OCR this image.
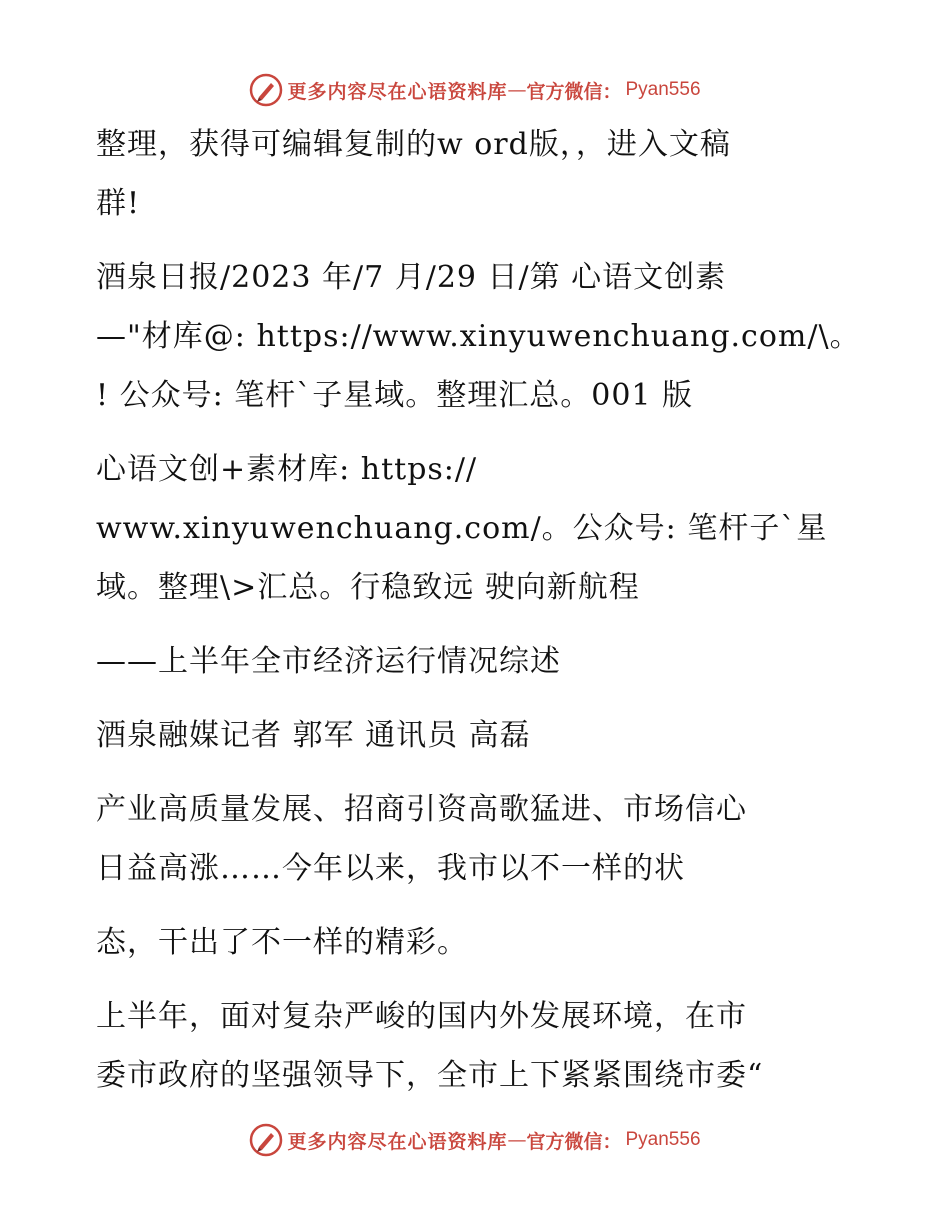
更多内容尽在心语资料库 — 官方微信： Pyan556
整理，获得可编辑复制的w ord版，，进入文稿
群!
酒泉日报/2023 年/7 月/29 日/第 心语文创素
—"材库@: https://www.xinyuwenchuang.com/\。
! 公众号: 笔杆`子星域。整理汇总。001 版
心语文创+素材库: https://
www.xinyuwenchuang.com/。公众号: 笔杆子`星
域。整理\>汇总。行稳致远 驶向新航程
——上半年全市经济运行情况综述
酒泉融媒记者 郭军 通讯员 高磊
产业高质量发展、招商引资高歌猛进、市场信心
日益高涨……今年以来，我市以不一样的状
态，干出了不一样的精彩。
上半年，面对复杂严峻的国内外发展环境，在市
委市政府的坚强领导下，全市上下紧紧围绕市委“
更多内容尽在心语资料库 — 官方微信： Pyan556
